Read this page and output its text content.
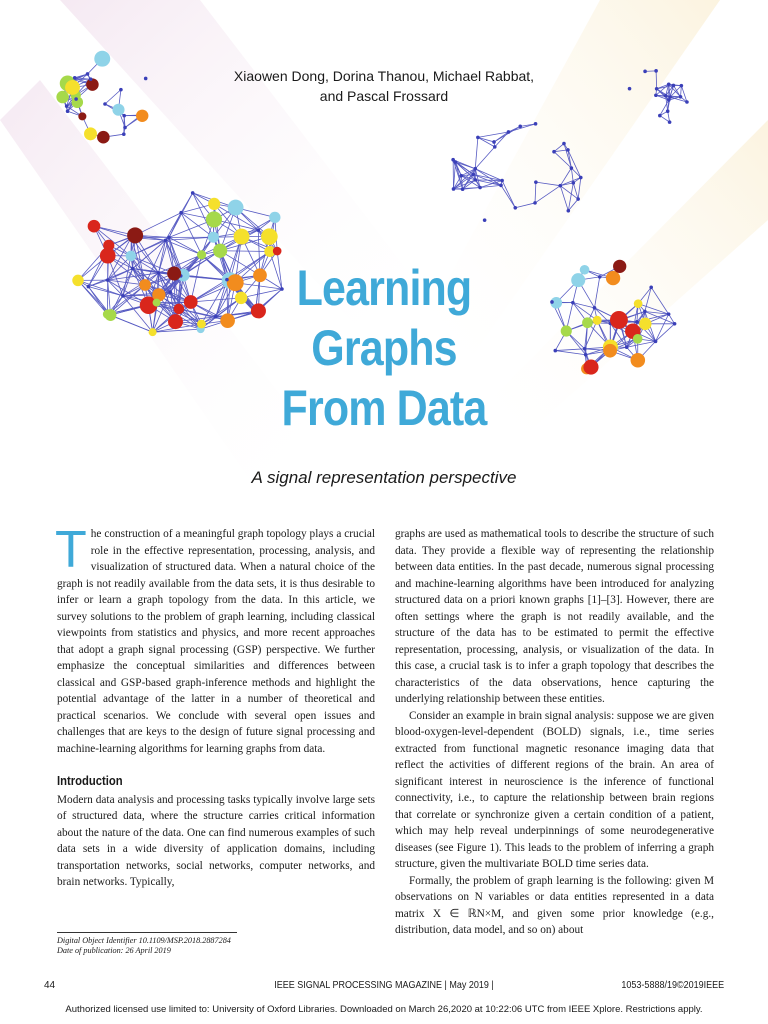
Xiaowen Dong, Dorina Thanou, Michael Rabbat,
and Pascal Frossard
Learning
Graphs
From Data
A signal representation perspective

The construction of a meaningful graph topology plays a crucial role in the effective representation, processing, analysis, and visualization of structured data. When a natural choice of the graph is not readily available from the data sets, it is thus desirable to infer or learn a graph topology from the data. In this article, we survey solutions to the problem of graph learning, including classical viewpoints from statistics and physics, and more recent approaches that adopt a graph signal processing (GSP) perspective. We further emphasize the conceptual similarities and differences between classical and GSP-based graph-inference methods and highlight the potential advantage of the latter in a number of theoretical and practical scenarios. We conclude with several open issues and challenges that are keys to the design of future signal processing and machine-learning algorithms for learning graphs from data.

Introduction

Modern data analysis and processing tasks typically involve large sets of structured data, where the structure carries critical information about the nature of the data. One can find numerous examples of such data sets in a wide diversity of application domains, including transportation networks, social networks, computer networks, and brain networks. Typically,

graphs are used as mathematical tools to describe the structure of such data. They provide a flexible way of representing the relationship between data entities. In the past decade, numerous signal processing and machine-learning algorithms have been introduced for analyzing structured data on a priori known graphs [1]–[3]. However, there are often settings where the graph is not readily available, and the structure of the data has to be estimated to permit the effective representation, processing, analysis, or visualization of the data. In this case, a crucial task is to infer a graph topology that describes the characteristics of the data observations, hence capturing the underlying relationship between these entities.

Consider an example in brain signal analysis: suppose we are given blood-oxygen-level-dependent (BOLD) signals, i.e., time series extracted from functional magnetic resonance imaging data that reflect the activities of different regions of the brain. An area of significant interest in neuroscience is the inference of functional connectivity, i.e., to capture the relationship between brain regions that correlate or synchronize given a certain condition of a patient, which may help reveal underpinnings of some neurodegenerative diseases (see Figure 1). This leads to the problem of inferring a graph structure, given the multivariate BOLD time series data.

Formally, the problem of graph learning is the following: given M observations on N variables or data entities represented in a data matrix X ∈ ℝN×M, and given some prior knowledge (e.g., distribution, data model, and so on) about

Digital Object Identifier 10.1109/MSP.2018.2887284
Date of publication: 26 April 2019
44	IEEE SIGNAL PROCESSING MAGAZINE | May 2019 |	1053-5888/19©2019IEEE
Authorized licensed use limited to: University of Oxford Libraries. Downloaded on March 26,2020 at 10:22:06 UTC from IEEE Xplore. Restrictions apply.
